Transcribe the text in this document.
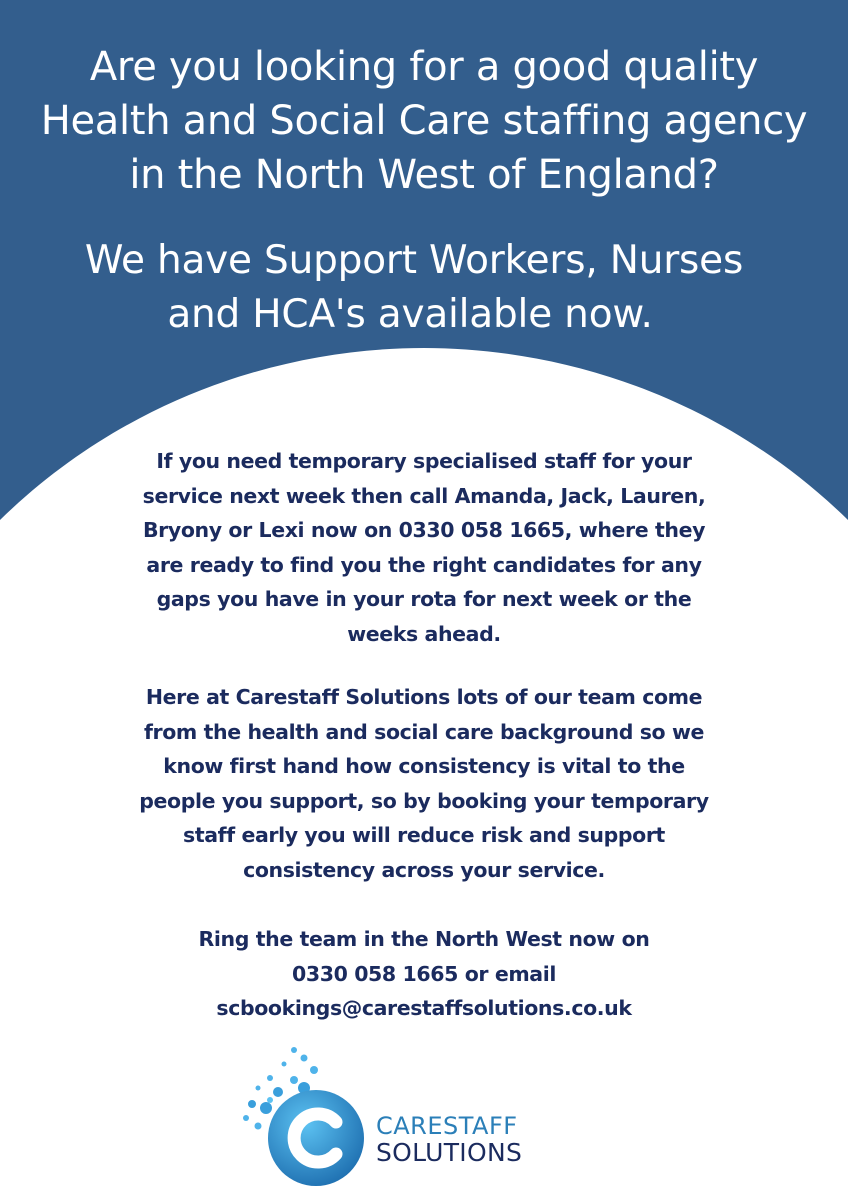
Are you looking for a good quality
Health and Social Care staffing agency
in the North West of England?
We have Support Workers, Nurses
and HCA's available now.

If you need temporary specialised staff for your
service next week then call Amanda, Jack, Lauren,
Bryony or Lexi now on 0330 058 1665, where they
are ready to find you the right candidates for any
gaps you have in your rota for next week or the
weeks ahead.

Here at Carestaff Solutions lots of our team come
from the health and social care background so we
know first hand how consistency is vital to the
people you support, so by booking your temporary
staff early you will reduce risk and support
consistency across your service.

Ring the team in the North West now on
0330 058 1665 or email
scbookings@carestaffsolutions.co.uk

CARESTAFF
SOLUTIONS
